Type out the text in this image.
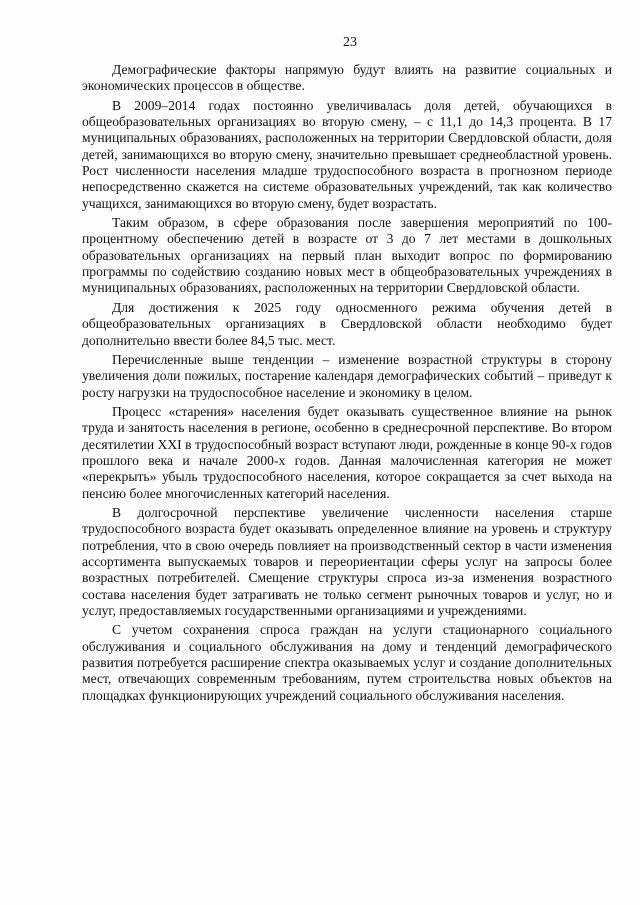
23

Демографические факторы напрямую будут влиять на развитие социальных и экономических процессов в обществе.

В 2009–2014 годах постоянно увеличивалась доля детей, обучающихся в общеобразовательных организациях во вторую смену, – с 11,1 до 14,3 процента. В 17 муниципальных образованиях, расположенных на территории Свердловской области, доля детей, занимающихся во вторую смену, значительно превышает среднеобластной уровень. Рост численности населения младше трудоспособного возраста в прогнозном периоде непосредственно скажется на системе образовательных учреждений, так как количество учащихся, занимающихся во вторую смену, будет возрастать.

Таким образом, в сфере образования после завершения мероприятий по 100-процентному обеспечению детей в возрасте от 3 до 7 лет местами в дошкольных образовательных организациях на первый план выходит вопрос по формированию программы по содействию созданию новых мест в общеобразовательных учреждениях в муниципальных образованиях, расположенных на территории Свердловской области.

Для достижения к 2025 году односменного режима обучения детей в общеобразовательных организациях в Свердловской области необходимо будет дополнительно ввести более 84,5 тыс. мест.

Перечисленные выше тенденции – изменение возрастной структуры в сторону увеличения доли пожилых, постарение календаря демографических событий – приведут к росту нагрузки на трудоспособное население и экономику в целом.

Процесс «старения» населения будет оказывать существенное влияние на рынок труда и занятость населения в регионе, особенно в среднесрочной перспективе. Во втором десятилетии XXI в трудоспособный возраст вступают люди, рожденные в конце 90-х годов прошлого века и начале 2000-х годов. Данная малочисленная категория не может «перекрыть» убыль трудоспособного населения, которое сокращается за счет выхода на пенсию более многочисленных категорий населения.

В долгосрочной перспективе увеличение численности населения старше трудоспособного возраста будет оказывать определенное влияние на уровень и структуру потребления, что в свою очередь повлияет на производственный сектор в части изменения ассортимента выпускаемых товаров и переориентации сферы услуг на запросы более возрастных потребителей. Смещение структуры спроса из-за изменения возрастного состава населения будет затрагивать не только сегмент рыночных товаров и услуг, но и услуг, предоставляемых государственными организациями и учреждениями.

С учетом сохранения спроса граждан на услуги стационарного социального обслуживания и социального обслуживания на дому и тенденций демографического развития потребуется расширение спектра оказываемых услуг и создание дополнительных мест, отвечающих современным требованиям, путем строительства новых объектов на площадках функционирующих учреждений социального обслуживания населения.
